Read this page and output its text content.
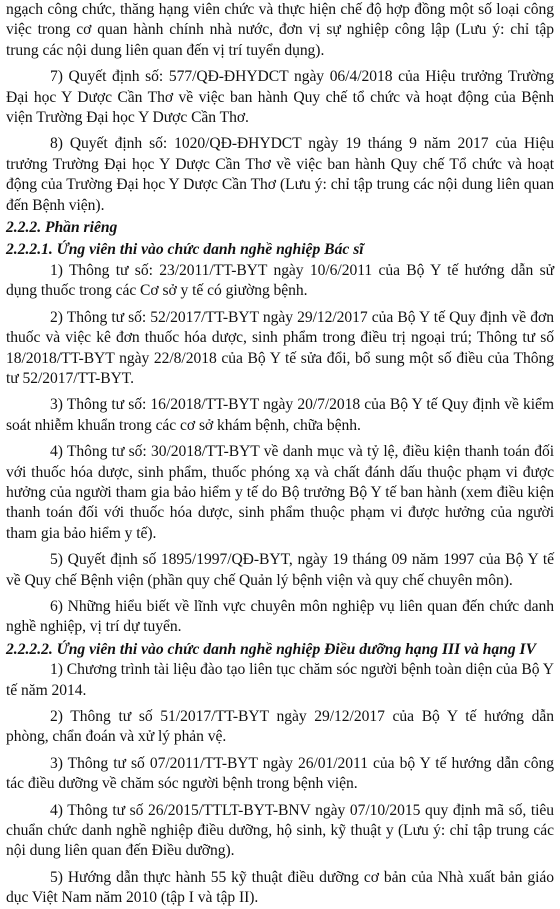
ngạch công chức, thăng hạng viên chức và thực hiện chế độ hợp đồng một số loại công việc trong cơ quan hành chính nhà nước, đơn vị sự nghiệp công lập (Lưu ý: chỉ tập trung các nội dung liên quan đến vị trí tuyển dụng).

7) Quyết định số: 577/QĐ-ĐHYDCT ngày 06/4/2018 của Hiệu trưởng Trường Đại học Y Dược Cần Thơ về việc ban hành Quy chế tổ chức và hoạt động của Bệnh viện Trường Đại học Y Dược Cần Thơ.

8) Quyết định số: 1020/QĐ-ĐHYDCT ngày 19 tháng 9 năm 2017 của Hiệu trưởng Trường Đại học Y Dược Cần Thơ về việc ban hành Quy chế Tổ chức và hoạt động của Trường Đại học Y Dược Cần Thơ (Lưu ý: chỉ tập trung các nội dung liên quan đến Bệnh viện).

2.2.2. Phần riêng

2.2.2.1. Ứng viên thi vào chức danh nghề nghiệp Bác sĩ

1) Thông tư số: 23/2011/TT-BYT ngày 10/6/2011 của Bộ Y tế hướng dẫn sử dụng thuốc trong các Cơ sở y tế có giường bệnh.

2) Thông tư số: 52/2017/TT-BYT ngày 29/12/2017 của Bộ Y tế Quy định về đơn thuốc và việc kê đơn thuốc hóa dược, sinh phẩm trong điều trị ngoại trú; Thông tư số 18/2018/TT-BYT ngày 22/8/2018 của Bộ Y tế sửa đổi, bổ sung một số điều của Thông tư 52/2017/TT-BYT.

3) Thông tư số: 16/2018/TT-BYT ngày 20/7/2018 của Bộ Y tế Quy định về kiểm soát nhiễm khuẩn trong các cơ sở khám bệnh, chữa bệnh.

4) Thông tư số: 30/2018/TT-BYT về danh mục và tỷ lệ, điều kiện thanh toán đối với thuốc hóa dược, sinh phẩm, thuốc phóng xạ và chất đánh dấu thuộc phạm vi được hưởng của người tham gia bảo hiểm y tế do Bộ trưởng Bộ Y tế ban hành (xem điều kiện thanh toán đối với thuốc hóa dược, sinh phẩm thuộc phạm vi được hưởng của người tham gia bảo hiểm y tế).

5) Quyết định số 1895/1997/QĐ-BYT, ngày 19 tháng 09 năm 1997 của Bộ Y tế về Quy chế Bệnh viện (phần quy chế Quản lý bệnh viện và quy chế chuyên môn).

6) Những hiểu biết về lĩnh vực chuyên môn nghiệp vụ liên quan đến chức danh nghề nghiệp, vị trí dự tuyển.

2.2.2.2. Ứng viên thi vào chức danh nghề nghiệp Điều dưỡng hạng III và hạng IV

1) Chương trình tài liệu đào tạo liên tục chăm sóc người bệnh toàn diện của Bộ Y tế năm 2014.

2) Thông tư số 51/2017/TT-BYT ngày 29/12/2017 của Bộ Y tế hướng dẫn phòng, chẩn đoán và xử lý phản vệ.

3) Thông tư số 07/2011/TT-BYT ngày 26/01/2011 của bộ Y tế hướng dẫn công tác điều dưỡng về chăm sóc người bệnh trong bệnh viện.

4) Thông tư số 26/2015/TTLT-BYT-BNV ngày 07/10/2015 quy định mã số, tiêu chuẩn chức danh nghề nghiệp điều dưỡng, hộ sinh, kỹ thuật y (Lưu ý: chỉ tập trung các nội dung liên quan đến Điều dưỡng).

5) Hướng dẫn thực hành 55 kỹ thuật điều dưỡng cơ bản của Nhà xuất bản giáo dục Việt Nam năm 2010 (tập I và tập II).
